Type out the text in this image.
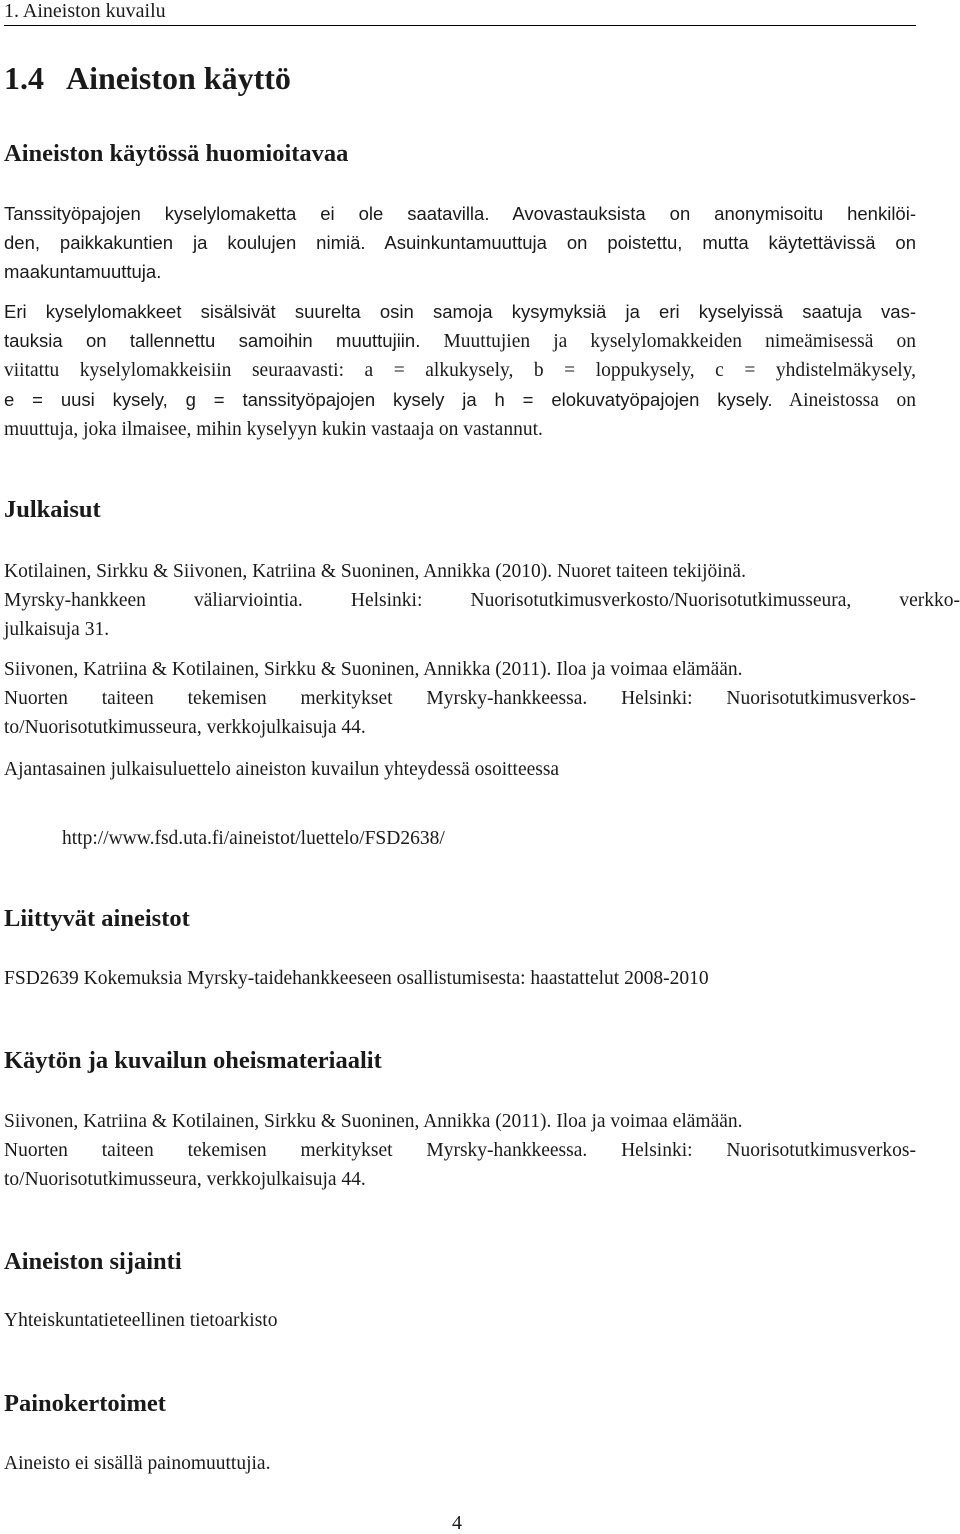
1. Aineiston kuvailu
1.4 Aineiston käyttö
Aineiston käytössä huomioitavaa
Tanssityöpajojen kyselylomaketta ei ole saatavilla. Avovastauksista on anonymisoitu henkilöi-
den, paikkakuntien ja koulujen nimiä. Asuinkuntamuuttuja on poistettu, mutta käytettävissä on
maakuntamuuttuja.
Eri kyselylomakkeet sisälsivät suurelta osin samoja kysymyksiä ja eri kyselyissä saatuja vas-
tauksia on tallennettu samoihin muuttujiin. Muuttujien ja kyselylomakkeiden nimeämisessä on
viitattu kyselylomakkeisiin seuraavasti: a = alkukysely, b = loppukysely, c = yhdistelmäkysely,
e = uusi kysely, g = tanssityöpajojen kysely ja h = elokuvatyöpajojen kysely. Aineistossa on
muuttuja, joka ilmaisee, mihin kyselyyn kukin vastaaja on vastannut.
Julkaisut
Kotilainen, Sirkku & Siivonen, Katriina & Suoninen, Annikka (2010). Nuoret taiteen tekijöinä.
Myrsky-hankkeen väliarviointia. Helsinki: Nuorisotutkimusverkosto/Nuorisotutkimusseura, verkko-
julkaisuja 31.
Siivonen, Katriina & Kotilainen, Sirkku & Suoninen, Annikka (2011). Iloa ja voimaa elämään.
Nuorten taiteen tekemisen merkitykset Myrsky-hankkeessa. Helsinki: Nuorisotutkimusverkos-
to/Nuorisotutkimusseura, verkkojulkaisuja 44.
Ajantasainen julkaisuluettelo aineiston kuvailun yhteydessä osoitteessa
http://www.fsd.uta.fi/aineistot/luettelo/FSD2638/
Liittyvät aineistot
FSD2639 Kokemuksia Myrsky-taidehankkeeseen osallistumisesta: haastattelut 2008-2010
Käytön ja kuvailun oheismateriaalit
Siivonen, Katriina & Kotilainen, Sirkku & Suoninen, Annikka (2011). Iloa ja voimaa elämään.
Nuorten taiteen tekemisen merkitykset Myrsky-hankkeessa. Helsinki: Nuorisotutkimusverkos-
to/Nuorisotutkimusseura, verkkojulkaisuja 44.
Aineiston sijainti
Yhteiskuntatieteellinen tietoarkisto
Painokertoimet
Aineisto ei sisällä painomuuttujia.
4
